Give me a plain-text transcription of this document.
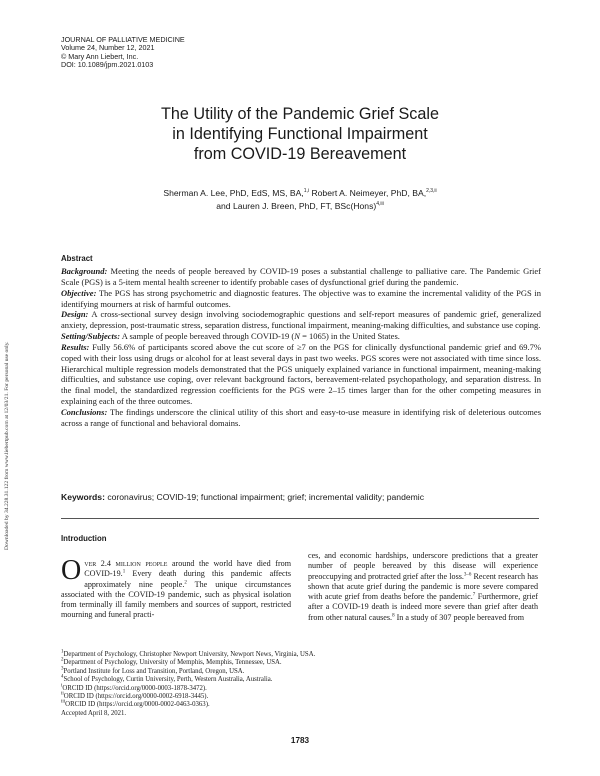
JOURNAL OF PALLIATIVE MEDICINE
Volume 24, Number 12, 2021
© Mary Ann Liebert, Inc.
DOI: 10.1089/jpm.2021.0103
Downloaded by 34.228.31.122 from www.liebertpub.com at 12/03/21. For personal use only.
The Utility of the Pandemic Grief Scale
in Identifying Functional Impairment
from COVID-19 Bereavement
Sherman A. Lee, PhD, EdS, MS, BA,$^{1,i}$ Robert A. Neimeyer, PhD, BA,$^{2,3,ii}$
and Lauren J. Breen, PhD, FT, BSc(Hons)$^{4,iii}$
Abstract

Background: Meeting the needs of people bereaved by COVID-19 poses a substantial challenge to palliative care. The Pandemic Grief Scale (PGS) is a 5-item mental health screener to identify probable cases of dysfunctional grief during the pandemic.

Objective: The PGS has strong psychometric and diagnostic features. The objective was to examine the incremental validity of the PGS in identifying mourners at risk of harmful outcomes.

Design: A cross-sectional survey design involving sociodemographic questions and self-report measures of pandemic grief, generalized anxiety, depression, post-traumatic stress, separation distress, functional impairment, meaning-making difficulties, and substance use coping.

Setting/Subjects: A sample of people bereaved through COVID-19 (N = 1065) in the United States.

Results: Fully 56.6% of participants scored above the cut score of ≥7 on the PGS for clinically dysfunctional pandemic grief and 69.7% coped with their loss using drugs or alcohol for at least several days in past two weeks. PGS scores were not associated with time since loss. Hierarchical multiple regression models demonstrated that the PGS uniquely explained variance in functional impairment, meaning-making difficulties, and substance use coping, over relevant background factors, bereavement-related psychopathology, and separation distress. In the final model, the standardized regression coefficients for the PGS were 2–15 times larger than for the other competing measures in explaining each of the three outcomes.

Conclusions: The findings underscore the clinical utility of this short and easy-to-use measure in identifying risk of deleterious outcomes across a range of functional and behavioral domains.

Keywords: coronavirus; COVID-19; functional impairment; grief; incremental validity; pandemic
Introduction

Over 2.4 million people around the world have died from COVID-19.$^1$ Every death during this pandemic affects approximately nine people.$^2$ The unique circumstances associated with the COVID-19 pandemic, such as physical isolation from terminally ill family members and sources of support, restricted mourning and funeral practi-

ces, and economic hardships, underscore predictions that a greater number of people bereaved by this disease will experience preoccupying and protracted grief after the loss.$^{3-6}$ Recent research has shown that acute grief during the pandemic is more severe compared with acute grief from deaths before the pandemic.$^7$ Furthermore, grief after a COVID-19 death is indeed more severe than grief after death from other natural causes.$^8$ In a study of 307 people bereaved from

$^1$Department of Psychology, Christopher Newport University, Newport News, Virginia, USA.
$^2$Department of Psychology, University of Memphis, Memphis, Tennessee, USA.
$^3$Portland Institute for Loss and Transition, Portland, Oregon, USA.
$^4$School of Psychology, Curtin University, Perth, Western Australia, Australia.
$^i$ORCID ID (https://orcid.org/0000-0003-1878-3472).
$^{ii}$ORCID ID (https://orcid.org/0000-0002-6918-3445).
$^{iii}$ORCID ID (https://orcid.org/0000-0002-0463-0363).
Accepted April 8, 2021.
1783
